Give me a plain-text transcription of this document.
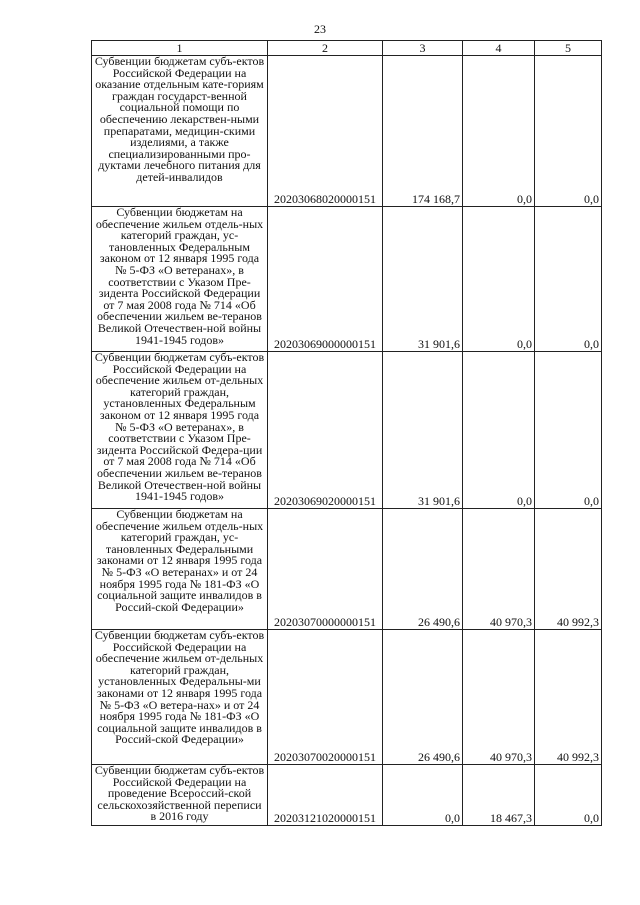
23
1	2	3	4	5
Субвенции бюджетам субъ-ектов Российской Федерации на оказание отдельным кате-гориям граждан государст-венной социальной помощи по обеспечению лекарствен-ными препаратами, медицин-скими изделиями, а также специализированными про-дуктами лечебного питания для детей-инвалидов	20203068020000151	174 168,7	0,0	0,0
Субвенции бюджетам на обеспечение жильем отдель-ных категорий граждан, ус-тановленных Федеральным законом от 12 января 1995 года № 5-ФЗ «О ветеранах», в соответствии с Указом Пре-зидента Российской Федерации от 7 мая 2008 года № 714 «Об обеспечении жильем ве-теранов Великой Отечествен-ной войны 1941-1945 годов»	20203069000000151	31 901,6	0,0	0,0
Субвенции бюджетам субъ-ектов Российской Федерации на обеспечение жильем от-дельных категорий граждан, установленных Федеральным законом от 12 января 1995 года № 5-ФЗ «О ветеранах», в соответствии с Указом Пре-зидента Российской Федера-ции от 7 мая 2008 года № 714 «Об обеспечении жильем ве-теранов Великой Отечествен-ной войны 1941-1945 годов»	20203069020000151	31 901,6	0,0	0,0
Субвенции бюджетам на обеспечение жильем отдель-ных категорий граждан, ус-тановленных Федеральными законами от 12 января 1995 года № 5-ФЗ «О ветеранах» и от 24 ноября 1995 года № 181-ФЗ «О социальной защите инвалидов в Россий-ской Федерации»	20203070000000151	26 490,6	40 970,3	40 992,3
Субвенции бюджетам субъ-ектов Российской Федерации на обеспечение жильем от-дельных категорий граждан, установленных Федеральны-ми законами от 12 января 1995 года № 5-ФЗ «О ветера-нах» и от 24 ноября 1995 года № 181-ФЗ «О социальной защите инвалидов в Россий-ской Федерации»	20203070020000151	26 490,6	40 970,3	40 992,3
Субвенции бюджетам субъ-ектов Российской Федерации на проведение Всероссий-ской сельскохозяйственной переписи в 2016 году	20203121020000151	0,0	18 467,3	0,0
